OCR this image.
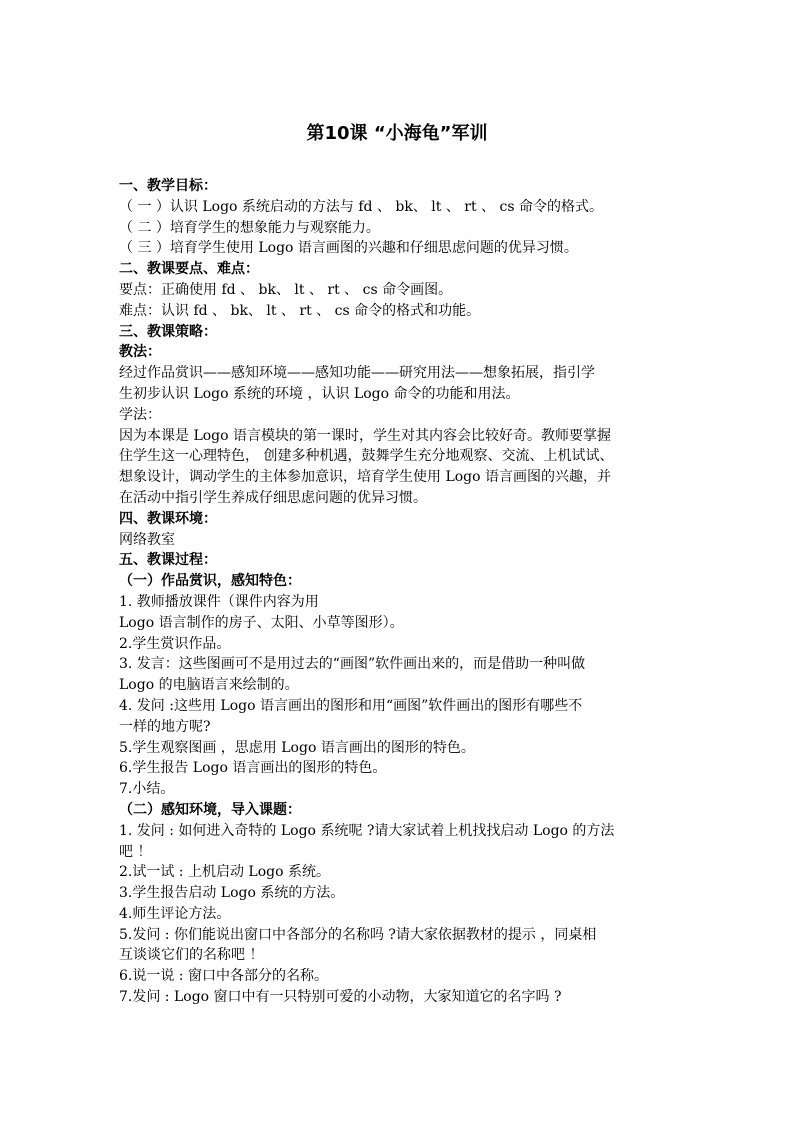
第10课 “小海龟”军训
一、教学目标：
（ 一 ）认识 Logo 系统启动的方法与 fd 、 bk、 lt 、 rt 、 cs 命令的格式。
（ 二 ）培育学生的想象能力与观察能力。
（ 三 ）培育学生使用 Logo 语言画图的兴趣和仔细思虑问题的优异习惯。
二、教课要点、难点：
要点：正确使用 fd 、 bk、 lt 、 rt 、 cs 命令画图。
难点：认识 fd 、 bk、 lt 、 rt 、 cs 命令的格式和功能。
三、教课策略：
教法：
经过作品赏识——感知环境——感知功能——研究用法——想象拓展，指引学
生初步认识 Logo 系统的环境 ，认识 Logo 命令的功能和用法。
学法：
因为本课是 Logo 语言模块的第一课时，学生对其内容会比较好奇。教师要掌握
住学生这一心理特色， 创建多种机遇，鼓舞学生充分地观察、交流、上机试试、
想象设计，调动学生的主体参加意识，培育学生使用 Logo 语言画图的兴趣，并
在活动中指引学生养成仔细思虑问题的优异习惯。
四、教课环境：
网络教室
五、教课过程：
（一）作品赏识，感知特色：
1. 教师播放课件（课件内容为用
Logo 语言制作的房子、太阳、小草等图形）。
2.学生赏识作品。
3. 发言：这些图画可不是用过去的“画图”软件画出来的，而是借助一种叫做
Logo 的电脑语言来绘制的。
4. 发问 :这些用 Logo 语言画出的图形和用“画图”软件画出的图形有哪些不
一样的地方呢?
5.学生观察图画 ，思虑用 Logo 语言画出的图形的特色。
6.学生报告 Logo 语言画出的图形的特色。
7.小结。
（二）感知环境，导入课题：
1. 发问 : 如何进入奇特的 Logo 系统呢 ?请大家试着上机找找启动 Logo 的方法
吧 ！
2.试一试 : 上机启动 Logo 系统。
3.学生报告启动 Logo 系统的方法。
4.师生评论方法。
5.发问 : 你们能说出窗口中各部分的名称吗 ?请大家依据教材的提示 ，同桌相
互谈谈它们的名称吧 ！
6.说一说 : 窗口中各部分的名称。
7.发问 : Logo 窗口中有一只特别可爱的小动物，大家知道它的名字吗 ?
